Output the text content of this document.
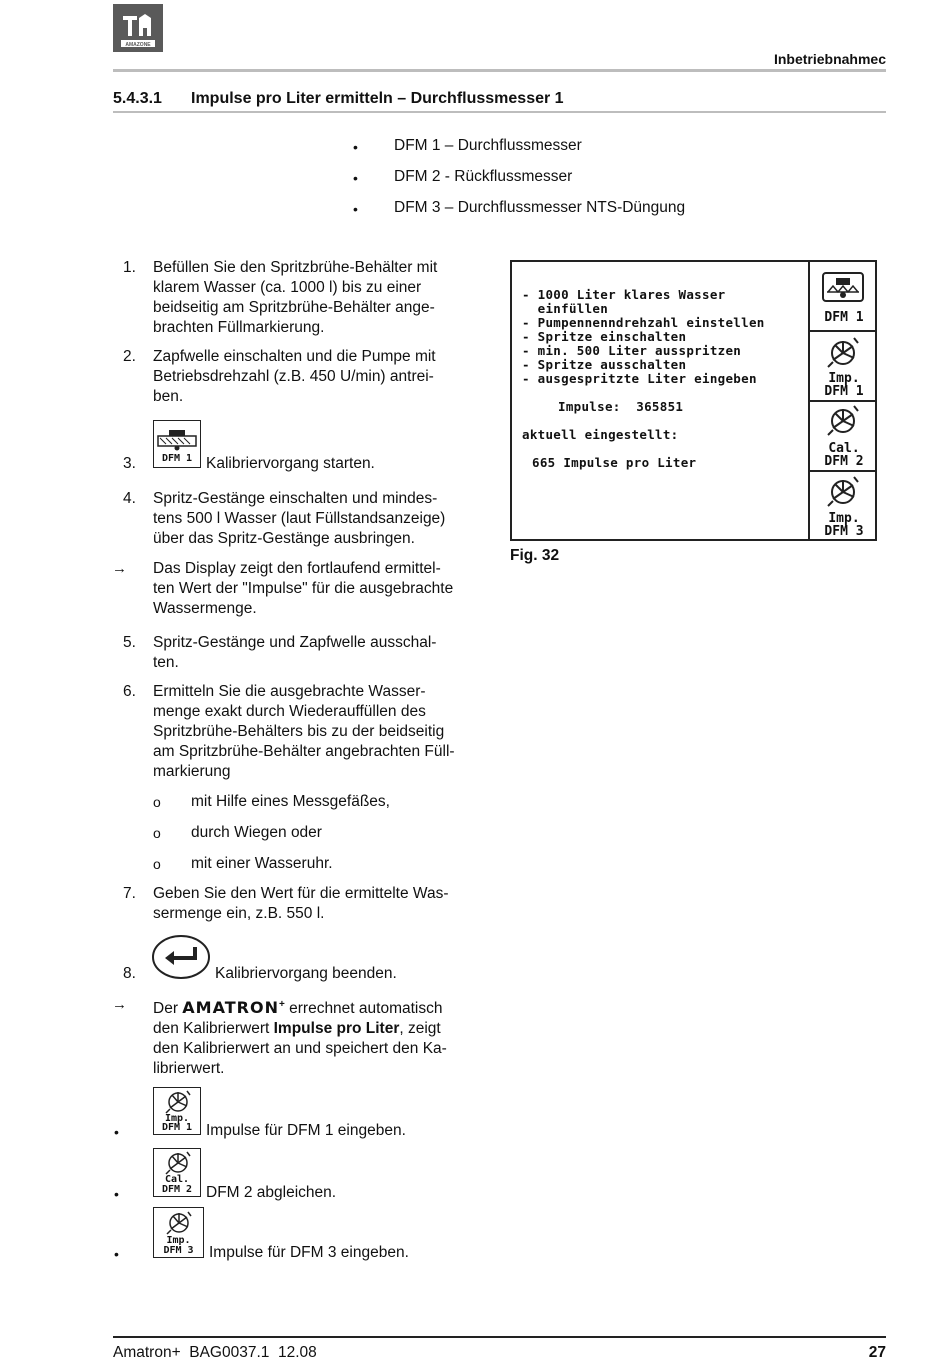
AMAZONE
Inbetriebnahmec
5.4.3.1 Impulse pro Liter ermitteln – Durchflussmesser 1
• DFM 1 – Durchflussmesser
• DFM 2 - Rückflussmesser
• DFM 3 – Durchflussmesser NTS-Düngung
1. Befüllen Sie den Spritzbrühe-Behälter mit
klarem Wasser (ca. 1000 l) bis zu einer
beidseitig am Spritzbrühe-Behälter ange-
brachten Füllmarkierung.
2. Zapfwelle einschalten und die Pumpe mit
Betriebsdrehzahl (z.B. 450 U/min) antrei-
ben.
3.	DFM 1 Kalibriervorgang starten.
4. Spritz-Gestänge einschalten und mindes-
tens 500 l Wasser (laut Füllstandsanzeige)
über das Spritz-Gestänge ausbringen.
→ Das Display zeigt den fortlaufend ermittel-
ten Wert der "Impulse" für die ausgebrachte
Wassermenge.
5. Spritz-Gestänge und Zapfwelle ausschal-
ten.
6. Ermitteln Sie die ausgebrachte Wasser-
menge exakt durch Wiederauffüllen des
Spritzbrühe-Behälters bis zu der beidseitig
am Spritzbrühe-Behälter angebrachten Füll-
markierung
ο mit Hilfe eines Messgefäßes,
ο durch Wiegen oder
ο mit einer Wasseruhr.
7. Geben Sie den Wert für die ermittelte Was-
sermenge ein, z.B. 550 l.
8.	Kalibriervorgang beenden.
→ Der AMATRON+ errechnet automatisch
den Kalibrierwert Impulse pro Liter, zeigt
den Kalibrierwert an und speichert den Ka-
librierwert.
•
Imp.
DFM 1 Impulse für DFM 1 eingeben.
•
Cal.
DFM 2 DFM 2 abgleichen.
•
Imp.
DFM 3 Impulse für DFM 3 eingeben.
- 1000 Liter klares Wasser
einfüllen
- Pumpennenndrehzahl einstellen
- Spritze einschalten
- min. 500 Liter ausspritzen
- Spritze ausschalten
- ausgespritzte Liter eingeben
Impulse: 365851
aktuell eingestellt:
665 Impulse pro Liter
DFM 1
Imp.
DFM 1
Cal.
DFM 2
Imp.
DFM 3
Fig. 32
Amatron+  BAG0037.1  12.08	27
